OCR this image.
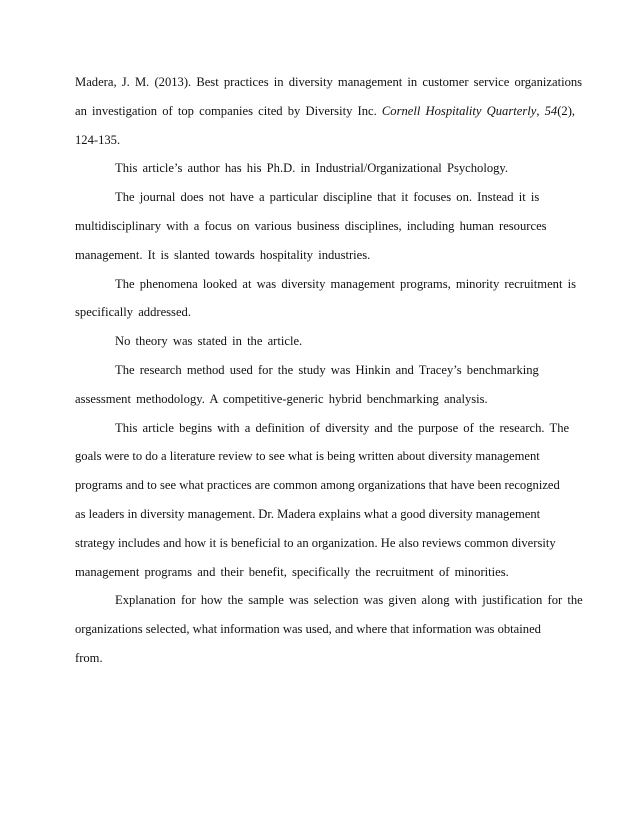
Madera, J. M. (2013). Best practices in diversity management in customer service organizations
an investigation of top companies cited by Diversity Inc. Cornell Hospitality Quarterly, 54(2),
124-135.
This article’s author has his Ph.D. in Industrial/Organizational Psychology.
The journal does not have a particular discipline that it focuses on. Instead it is
multidisciplinary with a focus on various business disciplines, including human resources
management. It is slanted towards hospitality industries.
The phenomena looked at was diversity management programs, minority recruitment is
specifically addressed.
No theory was stated in the article.
The research method used for the study was Hinkin and Tracey’s benchmarking
assessment methodology. A competitive-generic hybrid benchmarking analysis.
This article begins with a definition of diversity and the purpose of the research. The
goals were to do a literature review to see what is being written about diversity management
programs and to see what practices are common among organizations that have been recognized
as leaders in diversity management. Dr. Madera explains what a good diversity management
strategy includes and how it is beneficial to an organization. He also reviews common diversity
management programs and their benefit, specifically the recruitment of minorities.
Explanation for how the sample was selection was given along with justification for the
organizations selected, what information was used, and where that information was obtained
from.
